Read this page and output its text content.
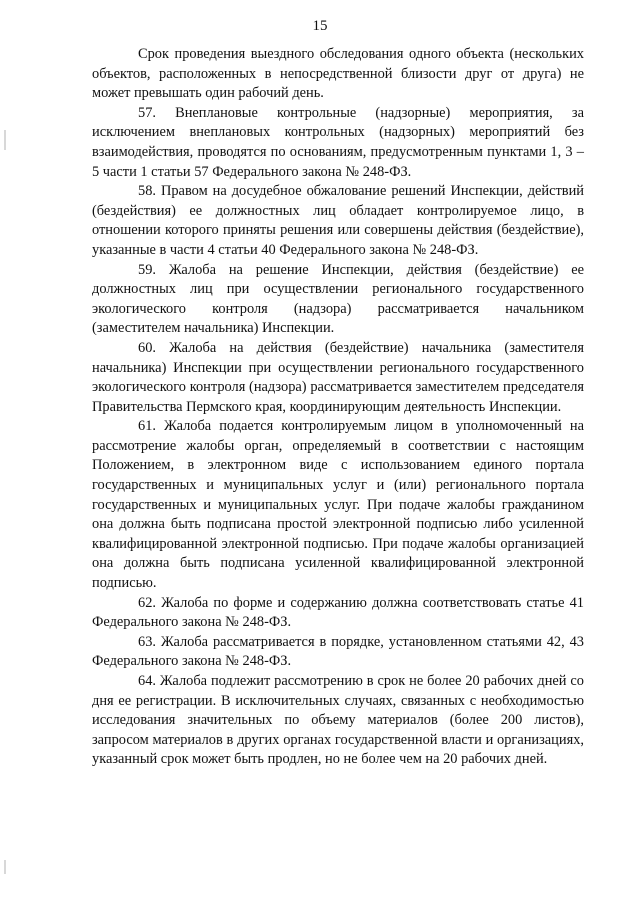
15

Срок проведения выездного обследования одного объекта (нескольких объектов, расположенных в непосредственной близости друг от друга) не может превышать один рабочий день.

57. Внеплановые контрольные (надзорные) мероприятия, за исключением внеплановых контрольных (надзорных) мероприятий без взаимодействия, проводятся по основаниям, предусмотренным пунктами 1, 3 – 5 части 1 статьи 57 Федерального закона № 248-ФЗ.

58. Правом на досудебное обжалование решений Инспекции, действий (бездействия) ее должностных лиц обладает контролируемое лицо, в отношении которого приняты решения или совершены действия (бездействие), указанные в части 4 статьи 40 Федерального закона № 248-ФЗ.

59. Жалоба на решение Инспекции, действия (бездействие) ее должностных лиц при осуществлении регионального государственного экологического контроля (надзора) рассматривается начальником (заместителем начальника) Инспекции.

60. Жалоба на действия (бездействие) начальника (заместителя начальника) Инспекции при осуществлении регионального государственного экологического контроля (надзора) рассматривается заместителем председателя Правительства Пермского края, координирующим деятельность Инспекции.

61. Жалоба подается контролируемым лицом в уполномоченный на рассмотрение жалобы орган, определяемый в соответствии с настоящим Положением, в электронном виде с использованием единого портала государственных и муниципальных услуг и (или) регионального портала государственных и муниципальных услуг. При подаче жалобы гражданином она должна быть подписана простой электронной подписью либо усиленной квалифицированной электронной подписью. При подаче жалобы организацией она должна быть подписана усиленной квалифицированной электронной подписью.

62. Жалоба по форме и содержанию должна соответствовать статье 41 Федерального закона № 248-ФЗ.

63. Жалоба рассматривается в порядке, установленном статьями 42, 43 Федерального закона № 248-ФЗ.

64. Жалоба подлежит рассмотрению в срок не более 20 рабочих дней со дня ее регистрации. В исключительных случаях, связанных с необходимостью исследования значительных по объему материалов (более 200 листов), запросом материалов в других органах государственной власти и организациях, указанный срок может быть продлен, но не более чем на 20 рабочих дней.
